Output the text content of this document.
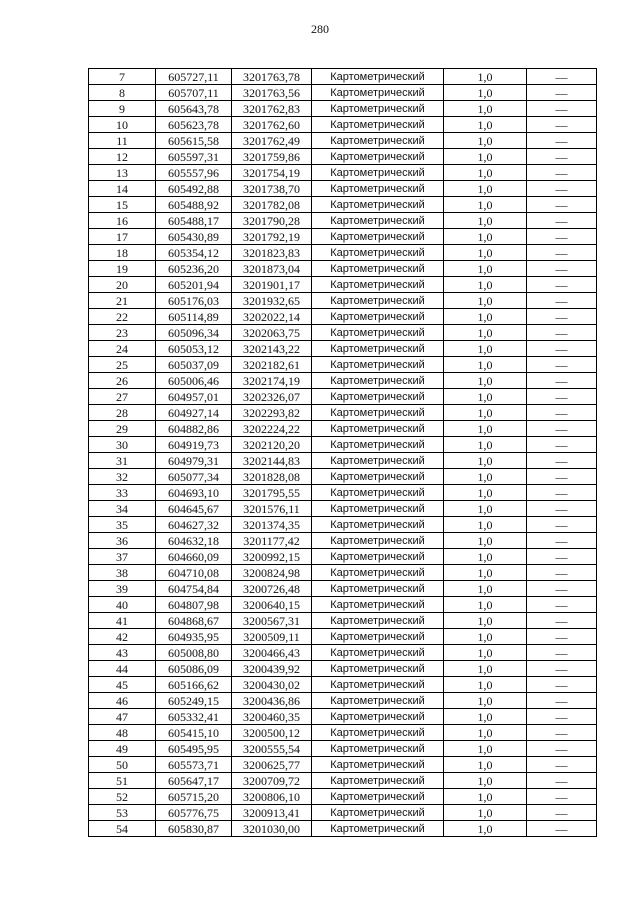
280
7	605727,11	3201763,78	Картометрический	1,0	—
8	605707,11	3201763,56	Картометрический	1,0	—
9	605643,78	3201762,83	Картометрический	1,0	—
10	605623,78	3201762,60	Картометрический	1,0	—
11	605615,58	3201762,49	Картометрический	1,0	—
12	605597,31	3201759,86	Картометрический	1,0	—
13	605557,96	3201754,19	Картометрический	1,0	—
14	605492,88	3201738,70	Картометрический	1,0	—
15	605488,92	3201782,08	Картометрический	1,0	—
16	605488,17	3201790,28	Картометрический	1,0	—
17	605430,89	3201792,19	Картометрический	1,0	—
18	605354,12	3201823,83	Картометрический	1,0	—
19	605236,20	3201873,04	Картометрический	1,0	—
20	605201,94	3201901,17	Картометрический	1,0	—
21	605176,03	3201932,65	Картометрический	1,0	—
22	605114,89	3202022,14	Картометрический	1,0	—
23	605096,34	3202063,75	Картометрический	1,0	—
24	605053,12	3202143,22	Картометрический	1,0	—
25	605037,09	3202182,61	Картометрический	1,0	—
26	605006,46	3202174,19	Картометрический	1,0	—
27	604957,01	3202326,07	Картометрический	1,0	—
28	604927,14	3202293,82	Картометрический	1,0	—
29	604882,86	3202224,22	Картометрический	1,0	—
30	604919,73	3202120,20	Картометрический	1,0	—
31	604979,31	3202144,83	Картометрический	1,0	—
32	605077,34	3201828,08	Картометрический	1,0	—
33	604693,10	3201795,55	Картометрический	1,0	—
34	604645,67	3201576,11	Картометрический	1,0	—
35	604627,32	3201374,35	Картометрический	1,0	—
36	604632,18	3201177,42	Картометрический	1,0	—
37	604660,09	3200992,15	Картометрический	1,0	—
38	604710,08	3200824,98	Картометрический	1,0	—
39	604754,84	3200726,48	Картометрический	1,0	—
40	604807,98	3200640,15	Картометрический	1,0	—
41	604868,67	3200567,31	Картометрический	1,0	—
42	604935,95	3200509,11	Картометрический	1,0	—
43	605008,80	3200466,43	Картометрический	1,0	—
44	605086,09	3200439,92	Картометрический	1,0	—
45	605166,62	3200430,02	Картометрический	1,0	—
46	605249,15	3200436,86	Картометрический	1,0	—
47	605332,41	3200460,35	Картометрический	1,0	—
48	605415,10	3200500,12	Картометрический	1,0	—
49	605495,95	3200555,54	Картометрический	1,0	—
50	605573,71	3200625,77	Картометрический	1,0	—
51	605647,17	3200709,72	Картометрический	1,0	—
52	605715,20	3200806,10	Картометрический	1,0	—
53	605776,75	3200913,41	Картометрический	1,0	—
54	605830,87	3201030,00	Картометрический	1,0	—
